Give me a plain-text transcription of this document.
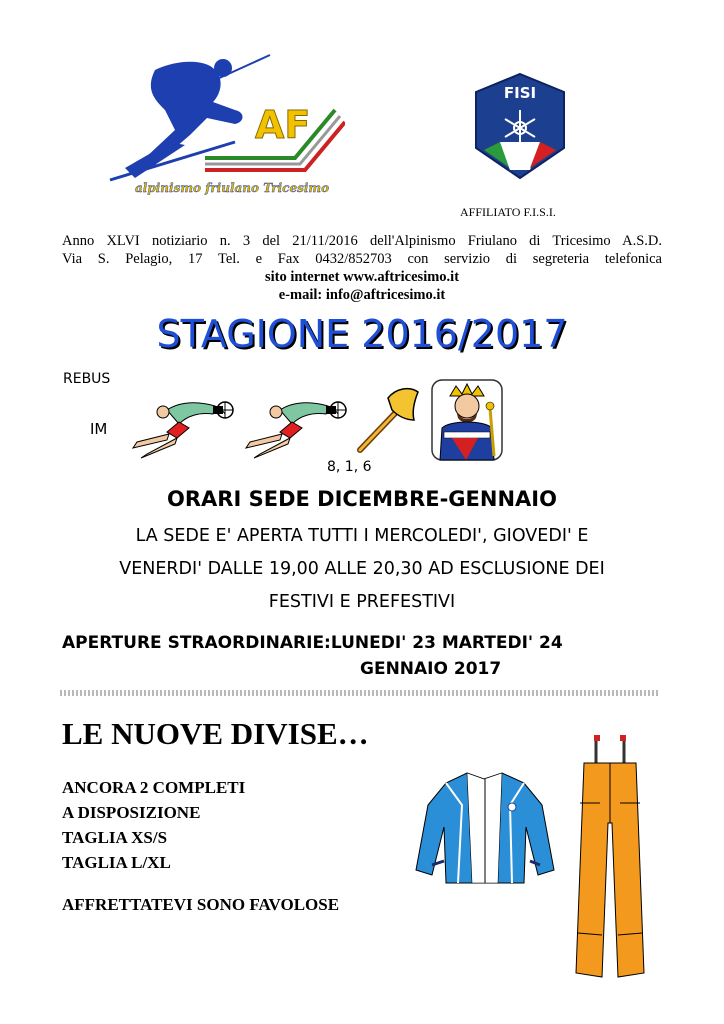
AF
alpinismo friulano Tricesimo
FISI
AFFILIATO F.I.S.I.
Anno XLVI notiziario n. 3 del 21/11/2016 dell'Alpinismo Friulano di Tricesimo A.S.D.
Via S. Pelagio, 17 Tel. e Fax 0432/852703 con servizio di segreteria telefonica
sito internet www.aftricesimo.it
e-mail: info@aftricesimo.it
STAGIONE 2016/2017
REBUS
IM
8, 1, 6
ORARI SEDE DICEMBRE-GENNAIO
LA SEDE E' APERTA TUTTI I MERCOLEDI', GIOVEDI' E
VENERDI' DALLE 19,00 ALLE 20,30 AD ESCLUSIONE DEI
FESTIVI E PREFESTIVI
APERTURE STRAORDINARIE:LUNEDI' 23 MARTEDI' 24
GENNAIO 2017
LE NUOVE DIVISE…
ANCORA 2 COMPLETI
A DISPOSIZIONE
TAGLIA XS/S
TAGLIA L/XL
AFFRETTATEVI SONO FAVOLOSE
